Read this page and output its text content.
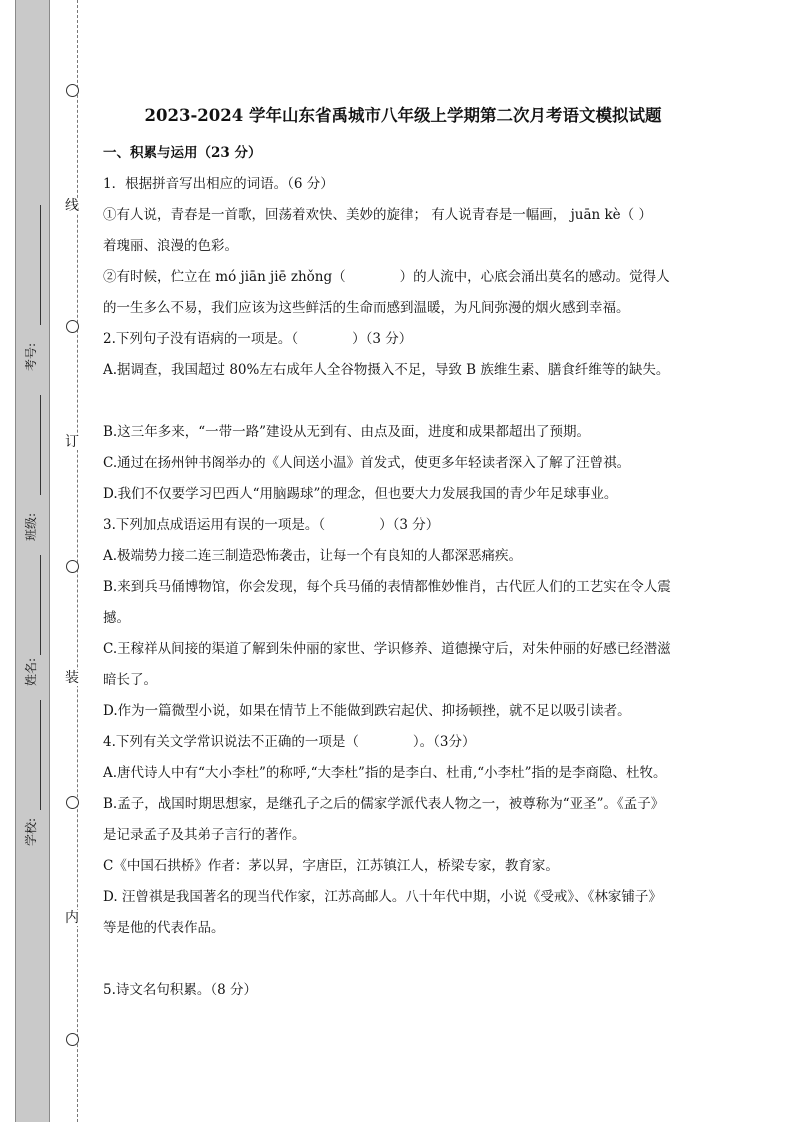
线
订
装
内
考号:
班级:
姓名:
学校:
2023-2024 学年山东省禹城市八年级上学期第二次月考语文模拟试题
一、积累与运用（23 分）
1．根据拼音写出相应的词语。（6 分）
①有人说，青春是一首歌，回荡着欢快、美妙的旋律； 有人说青春是一幅画， juān kè（ ）
着瑰丽、浪漫的色彩。
②有时候，伫立在 mó jiān jiē zhǒng（　　　　）的人流中，心底会涌出莫名的感动。觉得人
的一生多么不易，我们应该为这些鲜活的生命而感到温暖，为凡间弥漫的烟火感到幸福。
2.下列句子没有语病的一项是。（　　　　）（3 分）
A.据调查，我国超过 80%左右成年人全谷物摄入不足，导致 B 族维生素、膳食纤维等的缺失。
B.这三年多来，“一带一路”建设从无到有、由点及面，进度和成果都超出了预期。
C.通过在扬州钟书阁举办的《人间送小温》首发式，使更多年轻读者深入了解了汪曾祺。
D.我们不仅要学习巴西人“用脑踢球”的理念，但也要大力发展我国的青少年足球事业。
3.下列加点成语运用有误的一项是。（　　　　）（3 分）
A.极端势力接二连三制造恐怖袭击，让每一个有良知的人都深恶痛疾。
B.来到兵马俑博物馆，你会发现，每个兵马俑的表情都惟妙惟肖，古代匠人们的工艺实在令人震
撼。
C.王稼祥从间接的渠道了解到朱仲丽的家世、学识修养、道德操守后，对朱仲丽的好感已经潜滋
暗长了。
D.作为一篇微型小说，如果在情节上不能做到跌宕起伏、抑扬顿挫，就不足以吸引读者。
4.下列有关文学常识说法不正确的一项是（　　　　）。（3分）
A.唐代诗人中有“大小李杜”的称呼,“大李杜”指的是李白、杜甫,“小李杜”指的是李商隐、杜牧。
B.孟子，战国时期思想家，是继孔子之后的儒家学派代表人物之一，被尊称为“亚圣”。《孟子》
是记录孟子及其弟子言行的著作。
C《中国石拱桥》作者：茅以昇，字唐臣，江苏镇江人，桥梁专家，教育家。
D. 汪曾祺是我国著名的现当代作家，江苏高邮人。八十年代中期，小说《受戒》、《林家铺子》
等是他的代表作品。
5.诗文名句积累。（8 分）
